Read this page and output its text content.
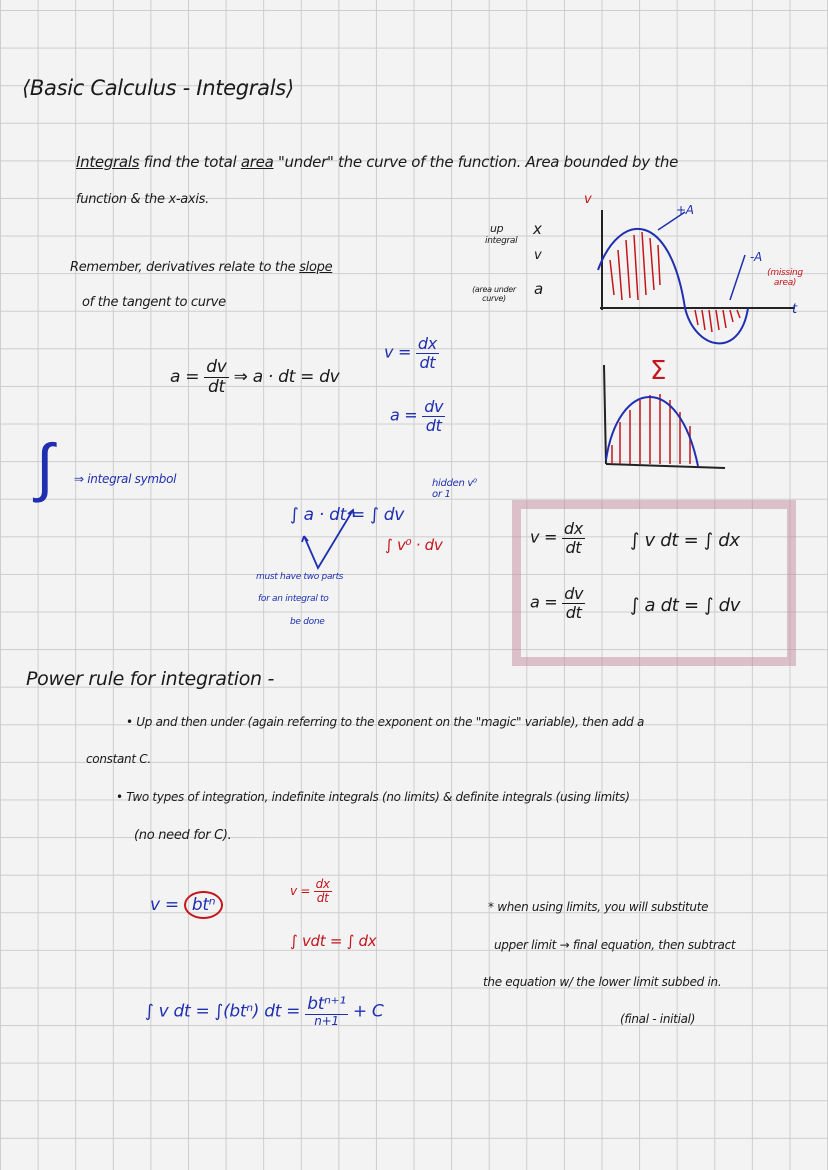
⟨Basic Calculus - Integrals⟩
Integrals find the total area "under" the curve of the function. Area bounded by the
function & the x-axis.
Remember, derivatives relate to the slope
of the tangent to curve
up
integral
x
v
a
(area under curve)
v
t
+A
-A
(missing area)
Σ
$a = \frac{dv}{dt}$ ⇒ a · dt = dv
$v = \frac{dx}{dt}$
$a = \frac{dv}{dt}$
∫ ⇒ integral symbol
∫ a · dt = ∫ dv
hidden v⁰ or 1
∫ v⁰ · dv
must have two parts
for an integral to
be done
$v = \frac{dx}{dt}$	∫ v dt = ∫ dx
$a = \frac{dv}{dt}$ ∫ a dt = ∫ dv
Power rule for integration -
• Up and then under (again referring to the exponent on the "magic" variable), then add a
constant C.
• Two types of integration, indefinite integrals (no limits) & definite integrals (using limits)
(no need for C).
v = btⁿ
$v = \frac{dx}{dt}$
∫ vdt = ∫ dx
∫ v dt = ∫(btⁿ) dt = $\frac{\text{btⁿ⁺¹}}{n+1} + C$
* when using limits, you will substitute
upper limit → final equation, then subtract
the equation w/ the lower limit subbed in.
(final - initial)
